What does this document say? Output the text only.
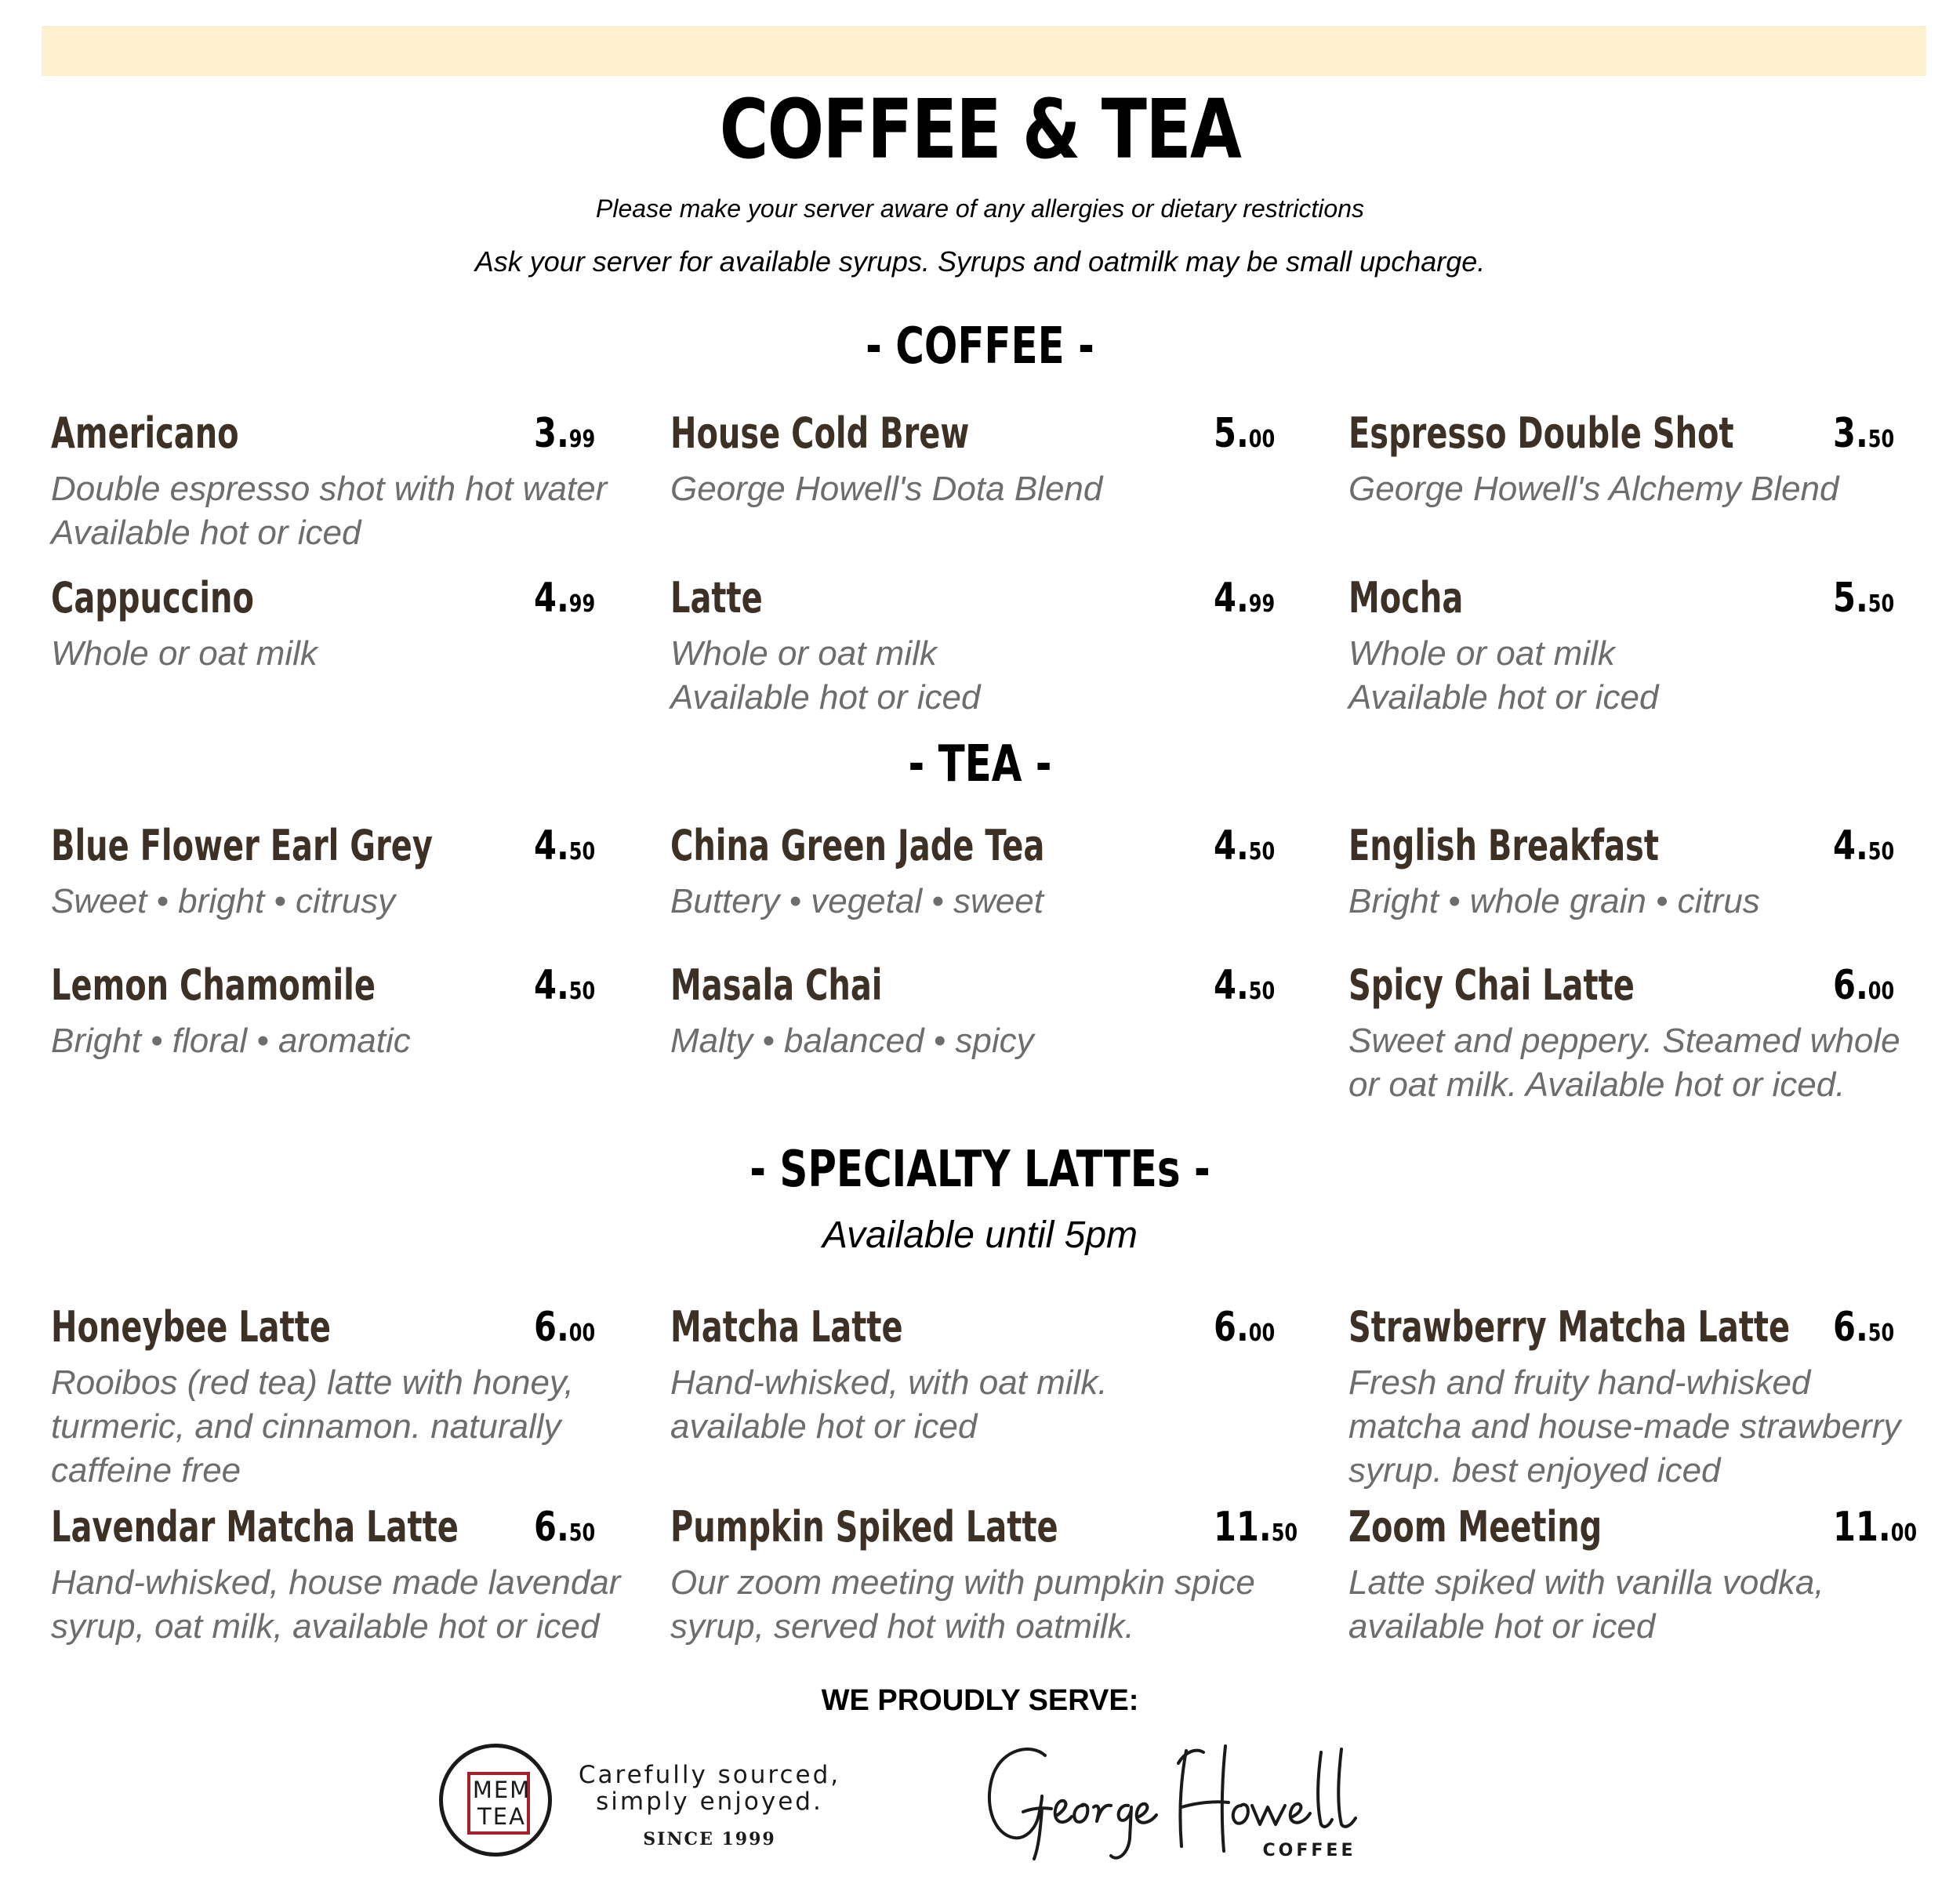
COFFEE & TEA
Please make your server aware of any allergies or dietary restrictions
Ask your server for available syrups. Syrups and oatmilk may be small upcharge.
- COFFEE -
Americano	3.99
Double espresso shot with hot water
Available hot or iced
House Cold Brew	5.00
George Howell's Dota Blend
Espresso Double Shot 3.50
George Howell's Alchemy Blend
Cappuccino	4.99
Whole or oat milk
Latte	4.99
Whole or oat milk
Available hot or iced
Mocha	5.50
Whole or oat milk
Available hot or iced
- TEA -
Blue Flower Earl Grey 4.50
Sweet • bright • citrusy
China Green Jade Tea	4.50
Buttery • vegetal • sweet
English Breakfast	4.50
Bright • whole grain • citrus
Lemon Chamomile	4.50
Bright • floral • aromatic
Masala Chai	4.50
Malty • balanced • spicy
Spicy Chai Latte	6.00
Sweet and peppery. Steamed whole
or oat milk. Available hot or iced.
- SPECIALTY LATTEs -
Available until 5pm
Honeybee Latte	6.00
Rooibos (red tea) latte with honey,
turmeric, and cinnamon. naturally
caffeine free
Matcha Latte	6.00
Hand-whisked, with oat milk.
available hot or iced
Strawberry Matcha Latte 6.50
Fresh and fruity hand-whisked
matcha and house-made strawberry
syrup. best enjoyed iced
Lavendar Matcha Latte 6.50
Hand-whisked, house made lavendar
syrup, oat milk, available hot or iced
Pumpkin Spiked Latte	11.50
Our zoom meeting with pumpkin spice
syrup, served hot with oatmilk.
Zoom Meeting	11.00
Latte spiked with vanilla vodka,
available hot or iced
WE PROUDLY SERVE:
MEM
TEA
Carefully sourced,
simply enjoyed.
SINCE 1999
COFFEE
